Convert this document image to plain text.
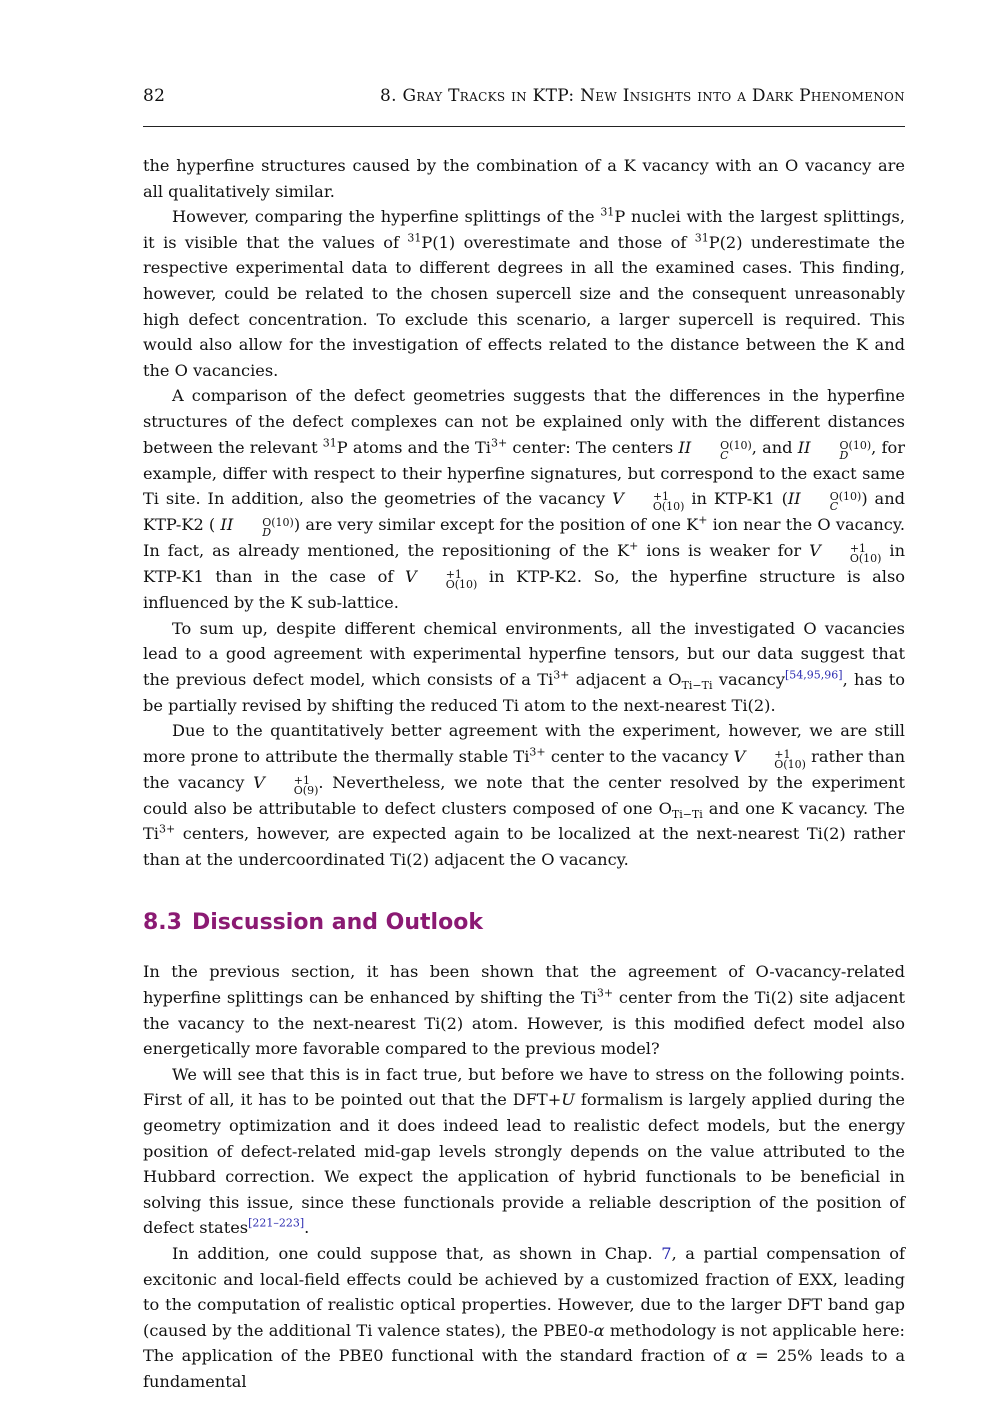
82	8. Gray Tracks in KTP: New Insights into a Dark Phenomenon

the hyperfine structures caused by the combination of a K vacancy with an O vacancy are all qualitatively similar.

However, comparing the hyperfine splittings of the $^{31}$P nuclei with the largest splittings, it is visible that the values of $^{31}$P(1) overestimate and those of $^{31}$P(2) underestimate the respective experimental data to different degrees in all the examined cases. This finding, however, could be related to the chosen supercell size and the consequent unreasonably high defect concentration. To exclude this scenario, a larger supercell is required. This would also allow for the investigation of effects related to the distance between the K and the O vacancies.

A comparison of the defect geometries suggests that the differences in the hyperfine structures of the defect complexes can not be explained only with the different distances between the relevant $^{31}$P atoms and the $Ti^{3+}$ center: The centers II	O(10)
C	, and II	O(10)
D	, for example, differ with respect to their hyperfine signatures, but correspond to the exact same Ti site. In addition, also the geometries of the vacancy V	+1
O(10) in KTP-K1 (II	O(10)
C	) and KTP-K2 ( II	O(10)
D	) are very similar except for the position of one K+ ion near the O vacancy. In fact, as already mentioned, the repositioning of the K+ ions is weaker for V	+1
O(10) in KTP-K1 than in the case of V	+1
O(10) in KTP-K2. So, the hyperfine structure is also influenced by the K sub-lattice.

To sum up, despite different chemical environments, all the investigated O vacancies lead to a good agreement with experimental hyperfine tensors, but our data suggest that the previous defect model, which consists of a $Ti^{3+}$ adjacent a $O_{Ti-Ti}$ vacancy[54,95,96], has to be partially revised by shifting the reduced Ti atom to the next-nearest Ti(2).

Due to the quantitatively better agreement with the experiment, however, we are still more prone to attribute the thermally stable $Ti^{3+}$ center to the vacancy V	+1
O(10) rather than the vacancy V	+1
O(9) . Nevertheless, we note that the center resolved by the experiment could also be attributable to defect clusters composed of one $O_{Ti-Ti}$ and one K vacancy. The $Ti^{3+}$ centers, however, are expected again to be localized at the next-nearest Ti(2) rather than at the undercoordinated Ti(2) adjacent the O vacancy.

8.3 Discussion and Outlook

In the previous section, it has been shown that the agreement of O-vacancy-related hyperfine splittings can be enhanced by shifting the $Ti^{3+}$ center from the Ti(2) site adjacent the vacancy to the next-nearest Ti(2) atom. However, is this modified defect model also energetically more favorable compared to the previous model?

We will see that this is in fact true, but before we have to stress on the following points. First of all, it has to be pointed out that the DFT+U formalism is largely applied during the geometry optimization and it does indeed lead to realistic defect models, but the energy position of defect-related mid-gap levels strongly depends on the value attributed to the Hubbard correction. We expect the application of hybrid functionals to be beneficial in solving this issue, since these functionals provide a reliable description of the position of defect states[221–223].

In addition, one could suppose that, as shown in Chap. 7, a partial compensation of excitonic and local-field effects could be achieved by a customized fraction of EXX, leading to the computation of realistic optical properties. However, due to the larger DFT band gap (caused by the additional Ti valence states), the PBE0-α methodology is not applicable here: The application of the PBE0 functional with the standard fraction of α = 25% leads to a fundamental
